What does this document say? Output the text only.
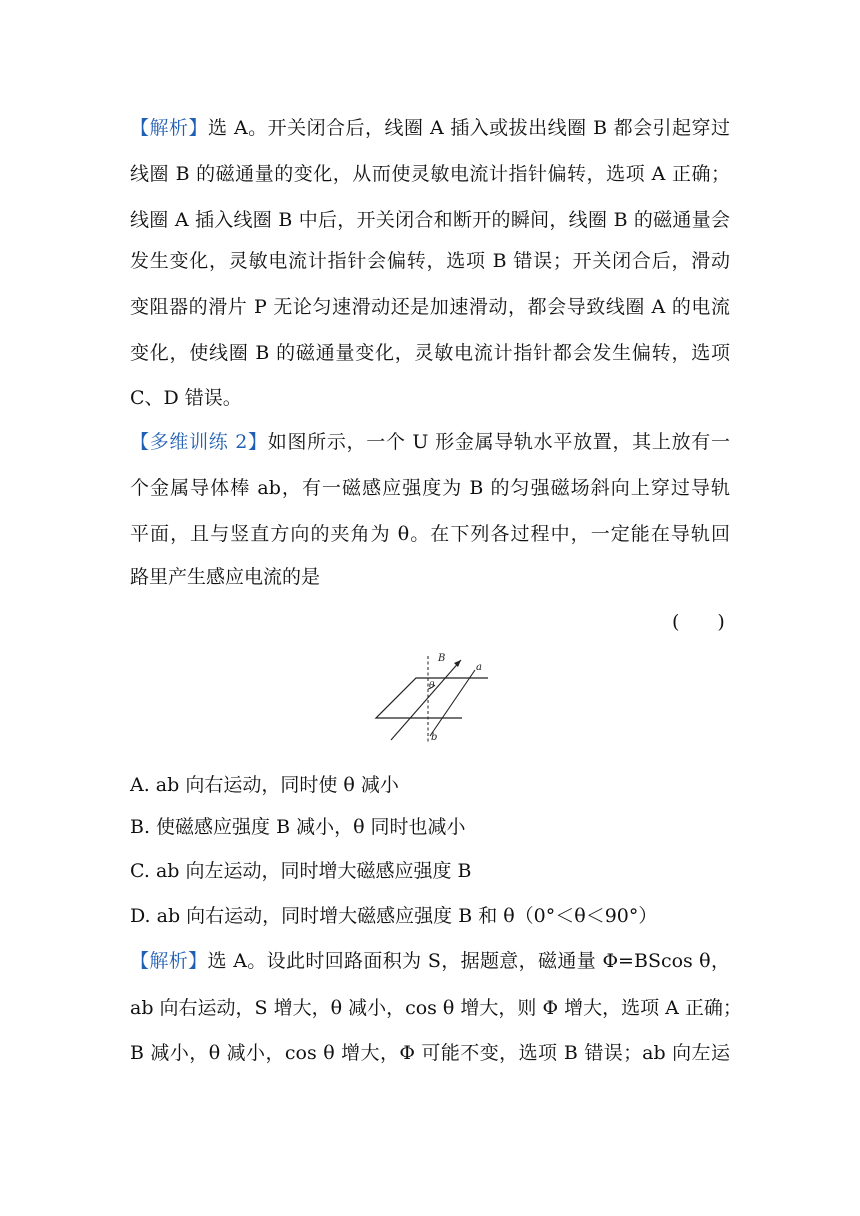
【解析】选 A。开关闭合后，线圈 A 插入或拔出线圈 B 都会引起穿过
线圈 B 的磁通量的变化，从而使灵敏电流计指针偏转，选项 A 正确；
线圈 A 插入线圈 B 中后，开关闭合和断开的瞬间，线圈 B 的磁通量会
发生变化，灵敏电流计指针会偏转，选项 B 错误；开关闭合后，滑动
变阻器的滑片 P 无论匀速滑动还是加速滑动，都会导致线圈 A 的电流
变化，使线圈 B 的磁通量变化，灵敏电流计指针都会发生偏转，选项
C、D 错误。
【多维训练 2】如图所示，一个 U 形金属导轨水平放置，其上放有一
个金属导体棒 ab，有一磁感应强度为 B 的匀强磁场斜向上穿过导轨
平面，且与竖直方向的夹角为 θ。在下列各过程中，一定能在导轨回
路里产生感应电流的是
(　　)
B
a
b
θ
A. ab 向右运动，同时使 θ 减小
B. 使磁感应强度 B 减小，θ 同时也减小
C. ab 向左运动，同时增大磁感应强度 B
D. ab 向右运动，同时增大磁感应强度 B 和 θ（0°＜θ＜90°）
【解析】选 A。设此时回路面积为 S，据题意，磁通量 Φ=BScos θ，
ab 向右运动，S 增大，θ 减小，cos θ 增大，则 Φ 增大，选项 A 正确；
B 减小，θ 减小，cos θ 增大，Φ 可能不变，选项 B 错误；ab 向左运
